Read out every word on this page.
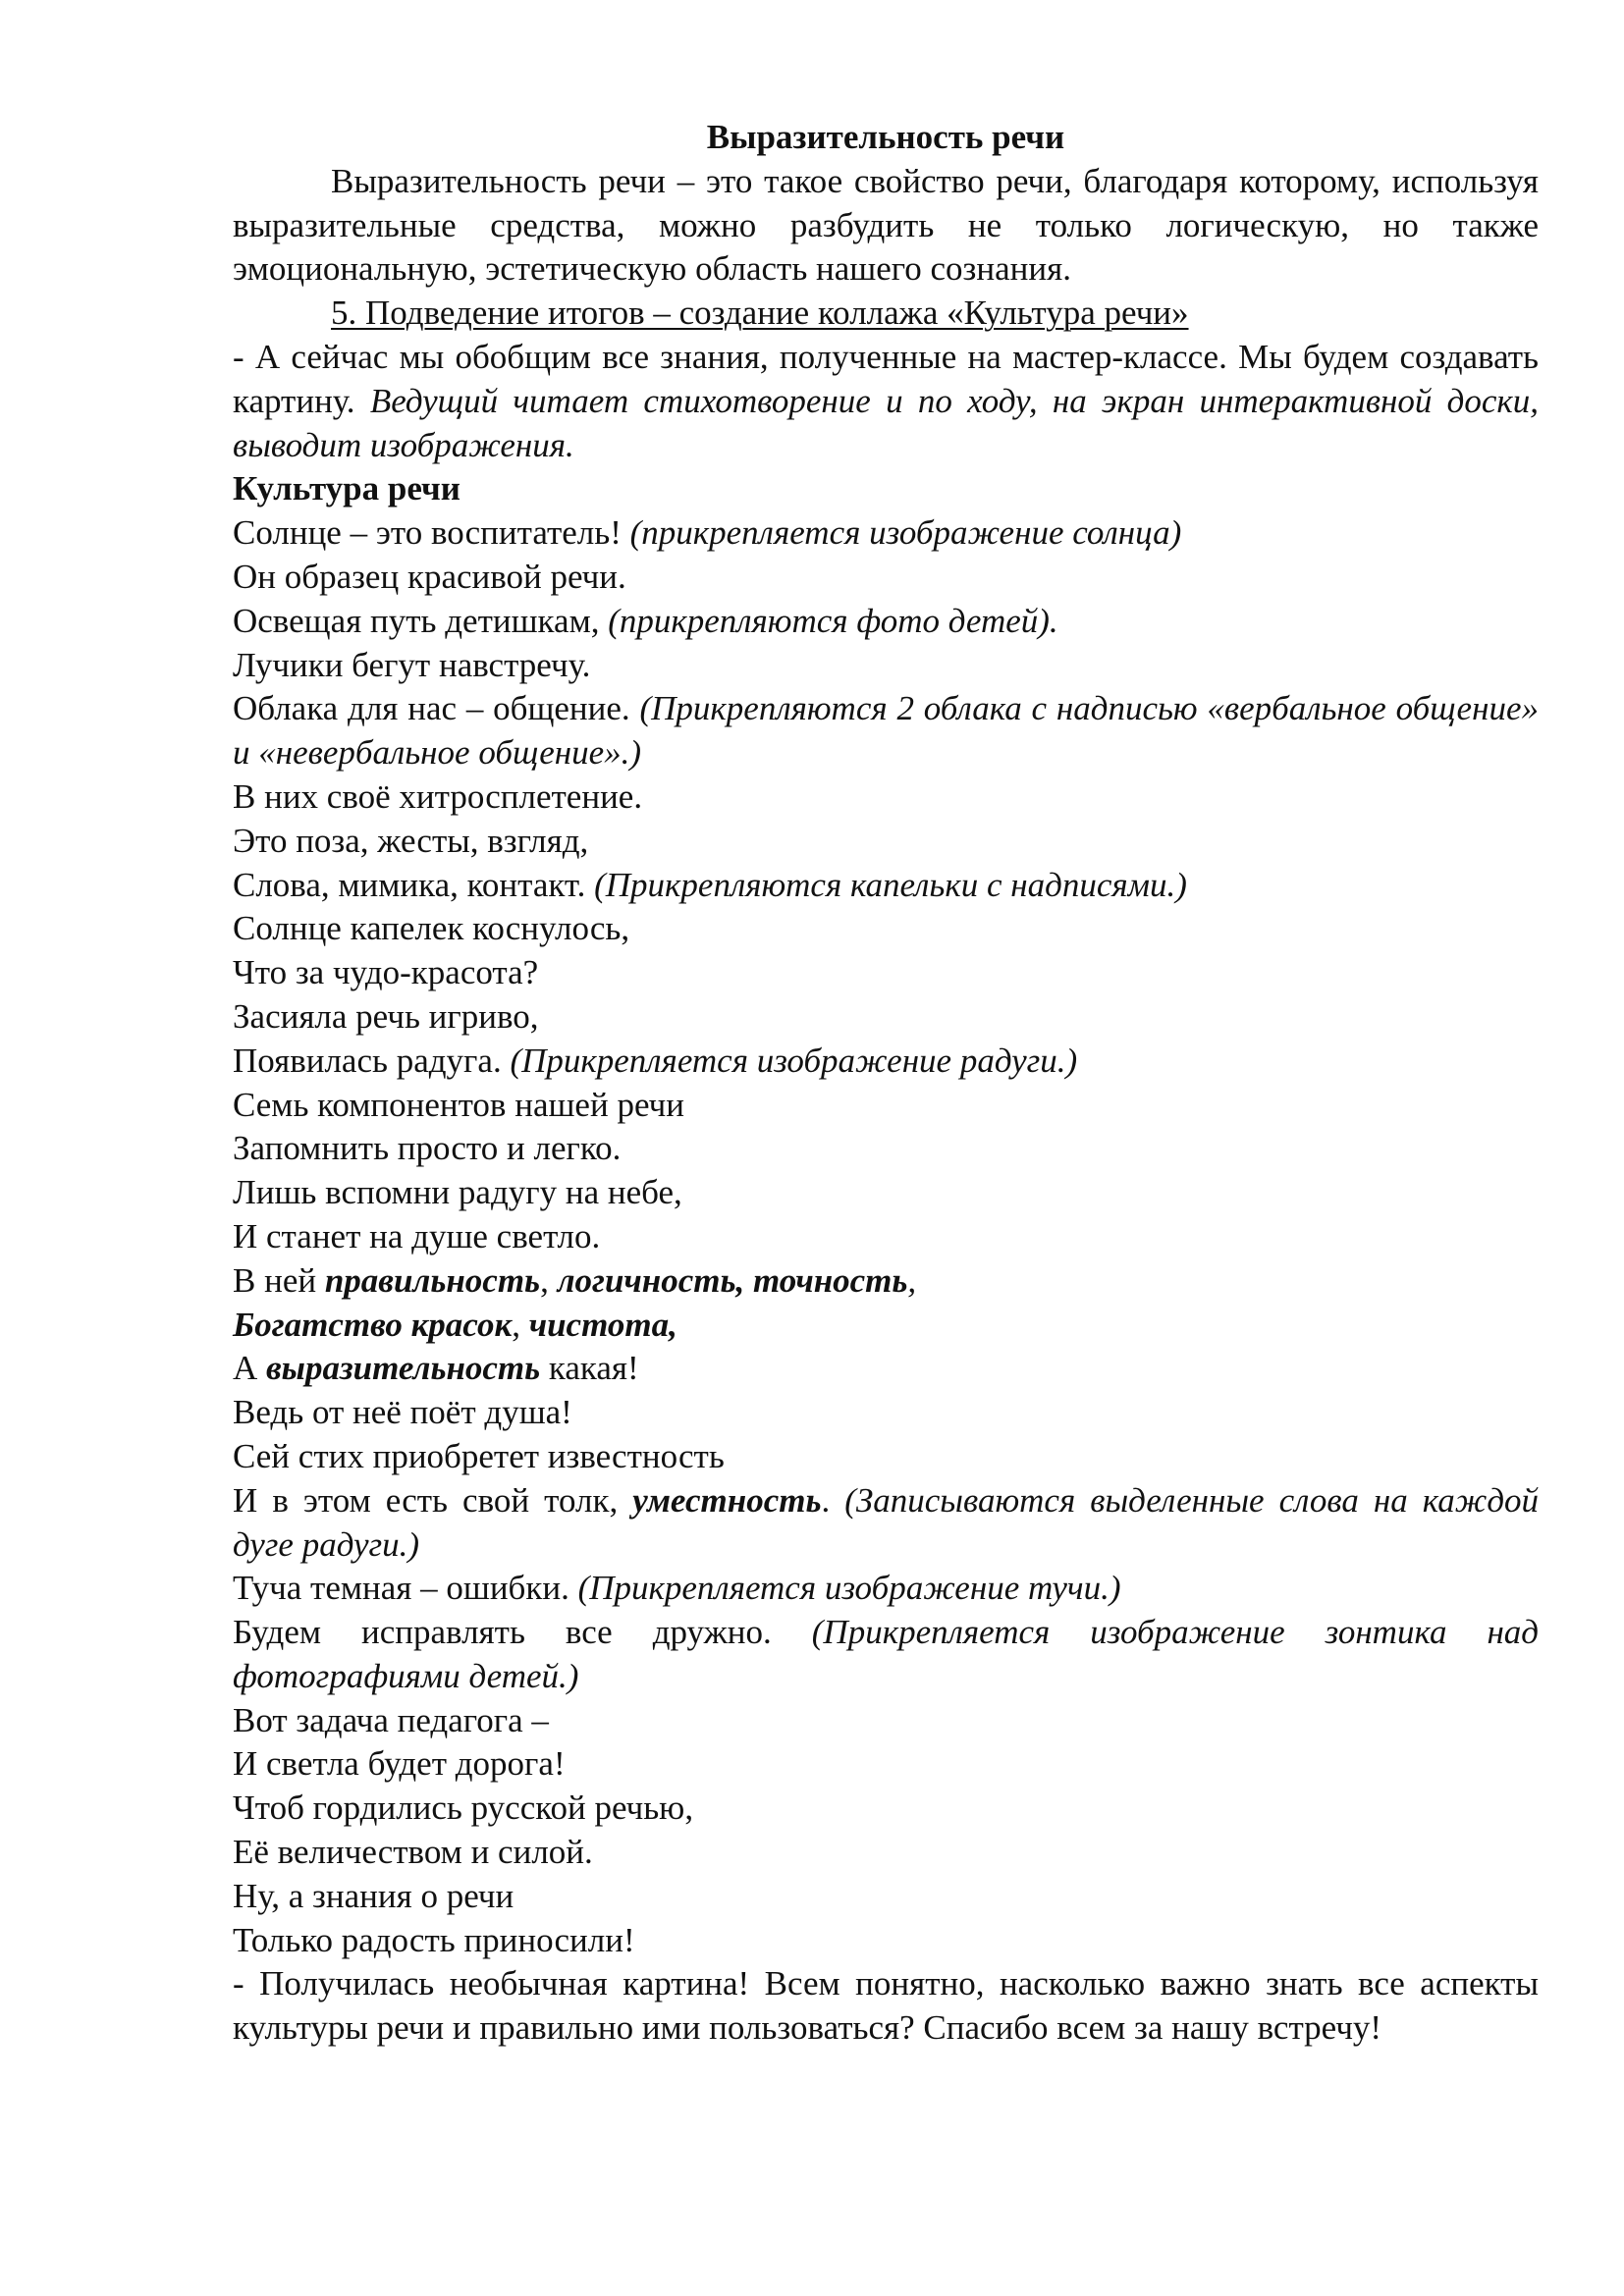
Выразительность речи

Выразительность речи – это такое свойство речи, благодаря которому, используя выразительные средства, можно разбудить не только логическую, но также эмоциональную, эстетическую область нашего сознания.

5. Подведение итогов – создание коллажа «Культура речи»

- А сейчас мы обобщим все знания, полученные на мастер-классе. Мы будем создавать картину. Ведущий читает стихотворение и по ходу, на экран интерактивной доски, выводит изображения.

Культура речи

Солнце – это воспитатель! (прикрепляется изображение солнца)

Он образец красивой речи.

Освещая путь детишкам, (прикрепляются фото детей).

Лучики бегут навстречу.

Облака для нас – общение. (Прикрепляются 2 облака с надписью «вербальное общение» и «невербальное общение».)

В них своё хитросплетение.

Это поза, жесты, взгляд,

Слова, мимика, контакт. (Прикрепляются капельки с надписями.)

Солнце капелек коснулось,

Что за чудо-красота?

Засияла речь игриво,

Появилась радуга. (Прикрепляется изображение радуги.)

Семь компонентов нашей речи

Запомнить просто и легко.

Лишь вспомни радугу на небе,

И станет на душе светло.

В ней правильность, логичность, точность,

Богатство красок, чистота,

А выразительность какая!

Ведь от неё поёт душа!

Сей стих приобретет известность

И в этом есть свой толк, уместность. (Записываются выделенные слова на каждой дуге радуги.)

Туча темная – ошибки. (Прикрепляется изображение тучи.)

Будем исправлять все дружно. (Прикрепляется изображение зонтика над фотографиями детей.)

Вот задача педагога –

И светла будет дорога!

Чтоб гордились русской речью,

Её величеством и силой.

Ну, а знания о речи

Только радость приносили!

- Получилась необычная картина! Всем понятно, насколько важно знать все аспекты культуры речи и правильно ими пользоваться? Спасибо всем за нашу встречу!
